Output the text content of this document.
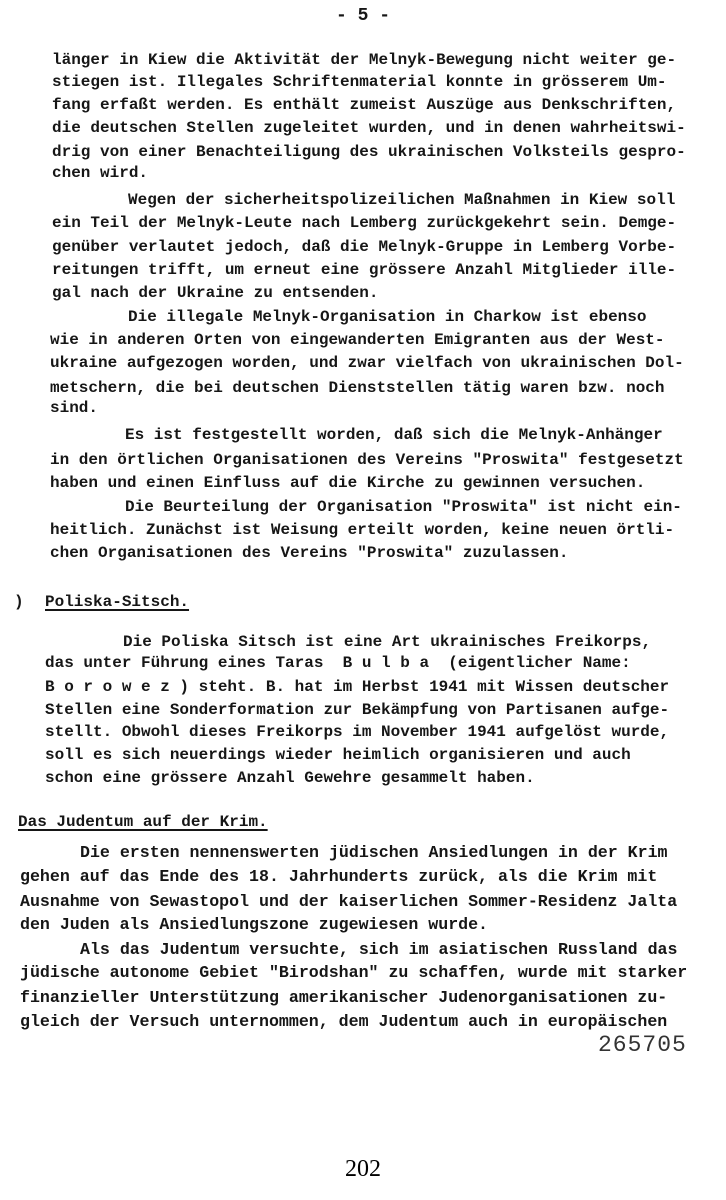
- 5 -
länger in Kiew die Aktivität der Melnyk-Bewegung nicht weiter ge-
stiegen ist. Illegales Schriftenmaterial konnte in grösserem Um-
fang erfaßt werden. Es enthält zumeist Auszüge aus Denkschriften,
die deutschen Stellen zugeleitet wurden, und in denen wahrheitswi-
drig von einer Benachteiligung des ukrainischen Volksteils gespro-
chen wird.
Wegen der sicherheitspolizeilichen Maßnahmen in Kiew soll
ein Teil der Melnyk-Leute nach Lemberg zurückgekehrt sein. Demge-
genüber verlautet jedoch, daß die Melnyk-Gruppe in Lemberg Vorbe-
reitungen trifft, um erneut eine grössere Anzahl Mitglieder ille-
gal nach der Ukraine zu entsenden.
Die illegale Melnyk-Organisation in Charkow ist ebenso
wie in anderen Orten von eingewanderten Emigranten aus der West-
ukraine aufgezogen worden, und zwar vielfach von ukrainischen Dol-
metschern, die bei deutschen Dienststellen tätig waren bzw. noch
sind.
Es ist festgestellt worden, daß sich die Melnyk-Anhänger
in den örtlichen Organisationen des Vereins "Proswita" festgesetzt
haben und einen Einfluss auf die Kirche zu gewinnen versuchen.
Die Beurteilung der Organisation "Proswita" ist nicht ein-
heitlich. Zunächst ist Weisung erteilt worden, keine neuen örtli-
chen Organisationen des Vereins "Proswita" zuzulassen.
) Poliska-Sitsch.
Die Poliska Sitsch ist eine Art ukrainisches Freikorps,
das unter Führung eines Taras  B u l b a  (eigentlicher Name:
B o r o w e z ) steht. B. hat im Herbst 1941 mit Wissen deutscher
Stellen eine Sonderformation zur Bekämpfung von Partisanen aufge-
stellt. Obwohl dieses Freikorps im November 1941 aufgelöst wurde,
soll es sich neuerdings wieder heimlich organisieren und auch
schon eine grössere Anzahl Gewehre gesammelt haben.
Das Judentum auf der Krim.
Die ersten nennenswerten jüdischen Ansiedlungen in der Krim
gehen auf das Ende des 18. Jahrhunderts zurück, als die Krim mit
Ausnahme von Sewastopol und der kaiserlichen Sommer-Residenz Jalta
den Juden als Ansiedlungszone zugewiesen wurde.
Als das Judentum versuchte, sich im asiatischen Russland das
jüdische autonome Gebiet "Birodshan" zu schaffen, wurde mit starker
finanzieller Unterstützung amerikanischer Judenorganisationen zu-
gleich der Versuch unternommen, dem Judentum auch in europäischen
265705
202
